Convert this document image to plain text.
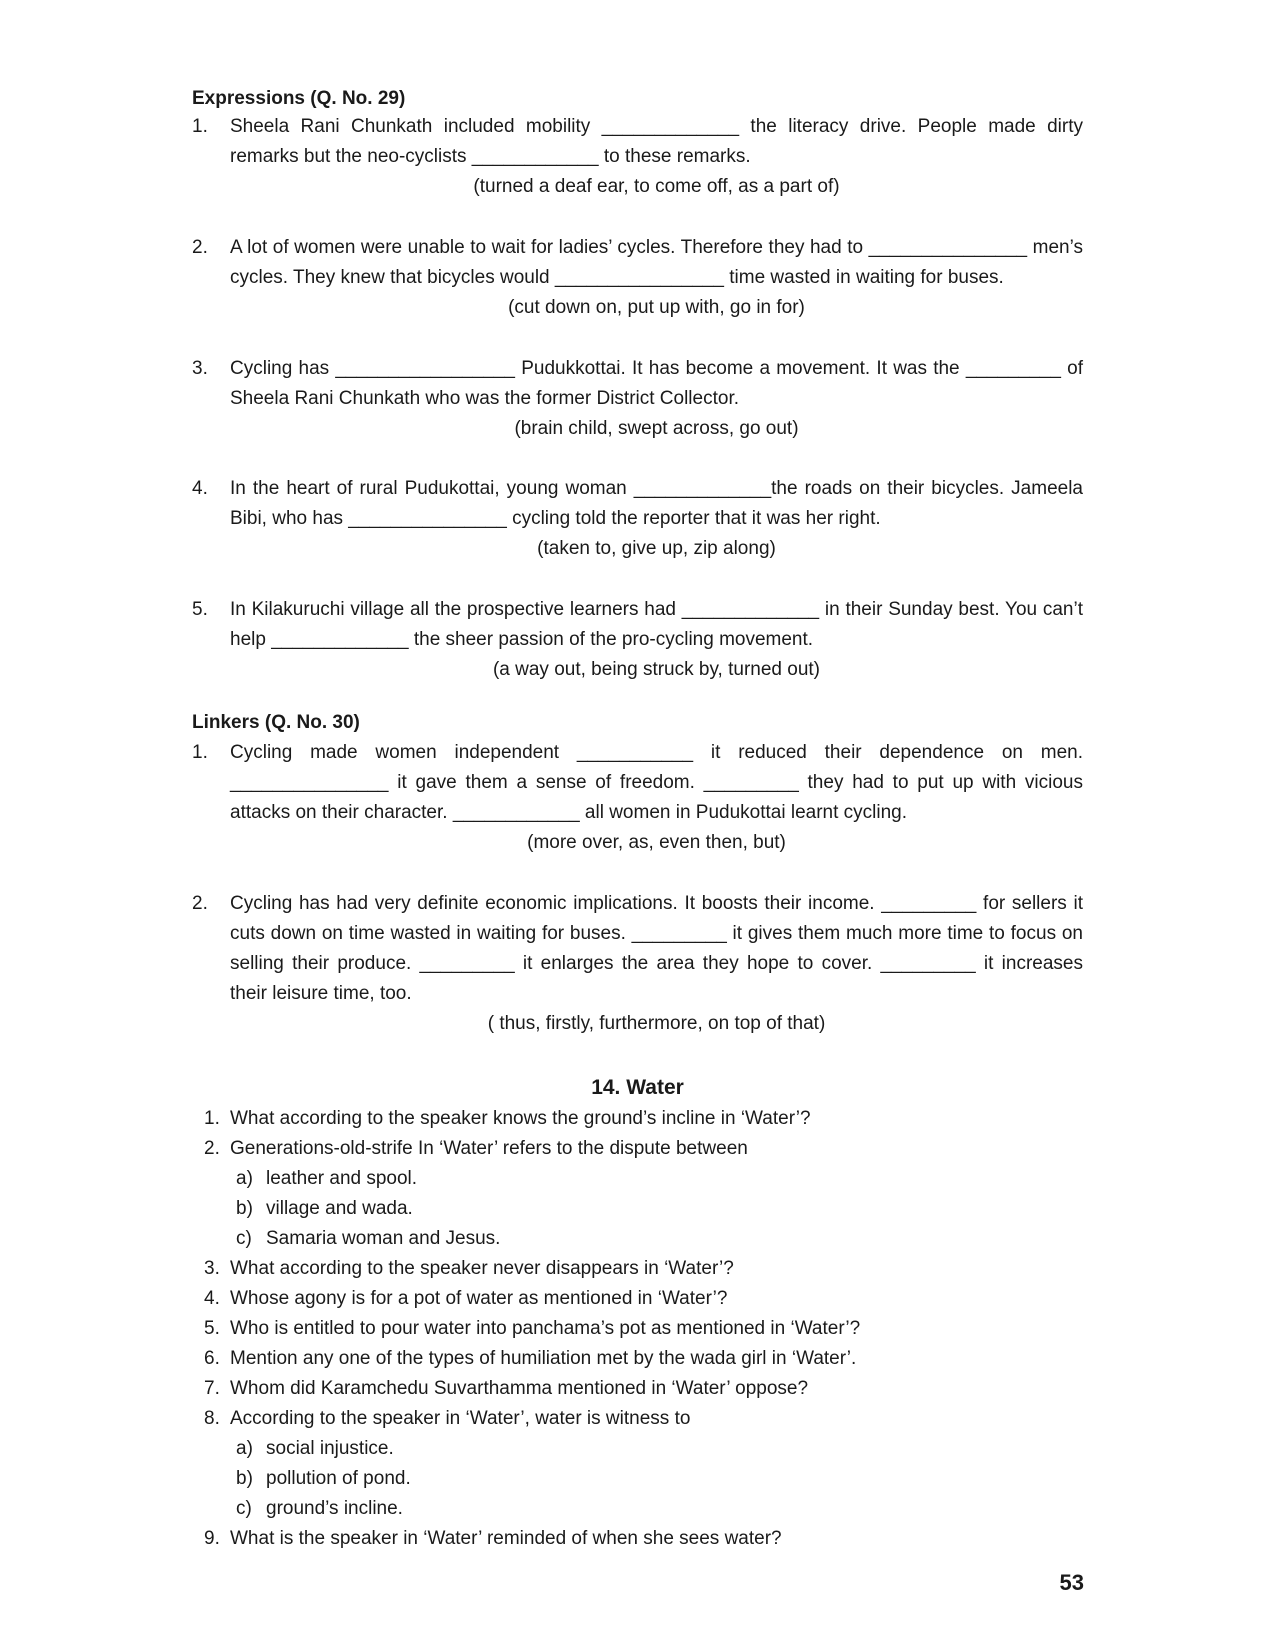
Expressions (Q. No. 29)

1. Sheela Rani Chunkath included mobility _____________ the literacy drive. People made dirty remarks but the neo-cyclists ____________ to these remarks.

(turned a deaf ear, to come off, as a part of)

2. A lot of women were unable to wait for ladies’ cycles. Therefore they had to _______________ men’s cycles. They knew that bicycles would ________________ time wasted in waiting for buses.

(cut down on, put up with, go in for)

3. Cycling has _________________ Pudukkottai. It has become a movement. It was the _________ of Sheela Rani Chunkath who was the former District Collector.

(brain child, swept across, go out)

4. In the heart of rural Pudukottai, young woman _____________the roads on their bicycles. Jameela Bibi, who has _______________ cycling told the reporter that it was her right.

(taken to, give up, zip along)

5. In Kilakuruchi village all the prospective learners had _____________ in their Sunday best. You can’t help _____________ the sheer passion of the pro-cycling movement.

(a way out, being struck by, turned out)

Linkers (Q. No. 30)

1. Cycling made women independent ___________ it reduced their dependence on men. _______________ it gave them a sense of freedom. _________ they had to put up with vicious attacks on their character. ____________ all women in Pudukottai learnt cycling.

(more over, as, even then, but)

2. Cycling has had very definite economic implications. It boosts their income. _________ for sellers it cuts down on time wasted in waiting for buses. _________ it gives them much more time to focus on selling their produce. _________ it enlarges the area they hope to cover. _________ it increases their leisure time, too.

( thus, firstly, furthermore, on top of that)

14. Water

1. What according to the speaker knows the ground’s incline in ‘Water’?
2. Generations-old-strife In ‘Water’ refers to the dispute between
a) leather and spool.
b) village and wada.
c) Samaria woman and Jesus.
3. What according to the speaker never disappears in ‘Water’?
4. Whose agony is for a pot of water as mentioned in ‘Water’?
5. Who is entitled to pour water into panchama’s pot as mentioned in ‘Water’?
6. Mention any one of the types of humiliation met by the wada girl in ‘Water’.
7. Whom did Karamchedu Suvarthamma mentioned in ‘Water’ oppose?
8. According to the speaker in ‘Water’, water is witness to
a) social injustice.
b) pollution of pond.
c) ground’s incline.
9. What is the speaker in ‘Water’ reminded of when she sees water?
53
